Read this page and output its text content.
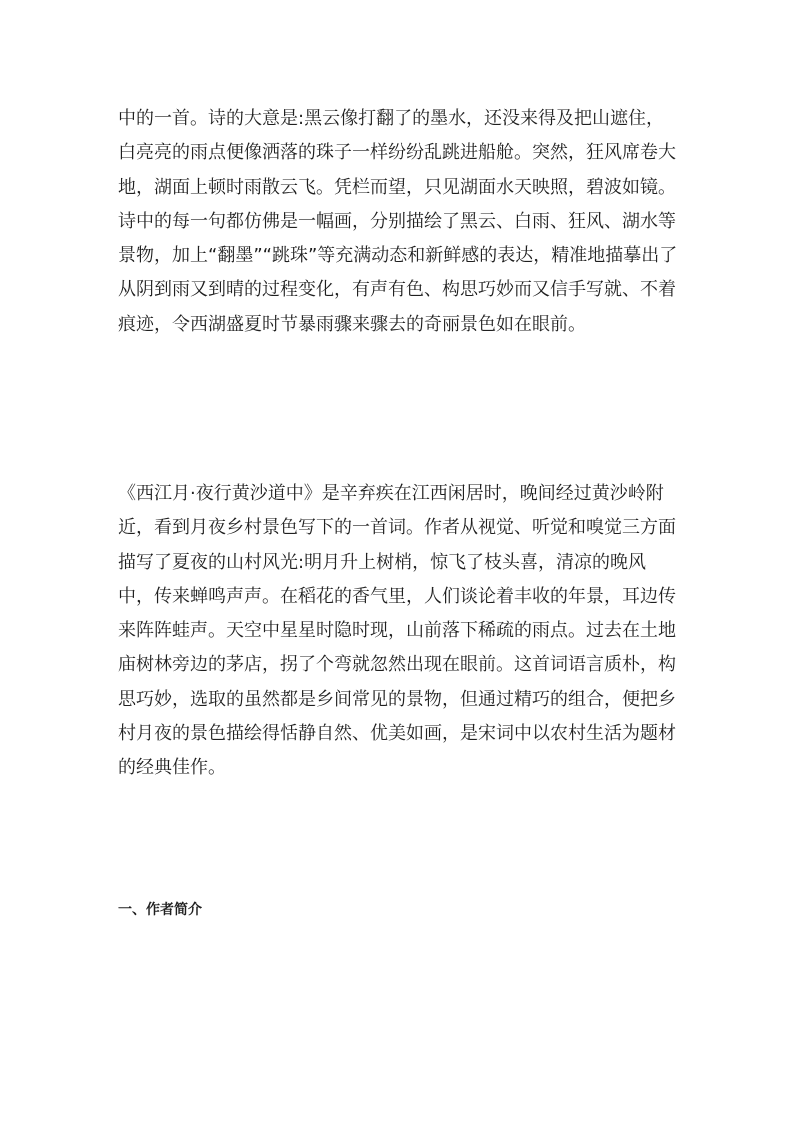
中的一首。诗的大意是:黑云像打翻了的墨水，还没来得及把山遮住，白亮亮的雨点便像洒落的珠子一样纷纷乱跳进船舱。突然，狂风席卷大地，湖面上顿时雨散云飞。凭栏而望，只见湖面水天映照，碧波如镜。诗中的每一句都仿佛是一幅画，分别描绘了黑云、白雨、狂风、湖水等景物，加上“翻墨”“跳珠”等充满动态和新鲜感的表达，精准地描摹出了从阴到雨又到晴的过程变化，有声有色、构思巧妙而又信手写就、不着痕迹，令西湖盛夏时节暴雨骤来骤去的奇丽景色如在眼前。

《西江月·夜行黄沙道中》是辛弃疾在江西闲居时，晚间经过黄沙岭附近，看到月夜乡村景色写下的一首词。作者从视觉、听觉和嗅觉三方面描写了夏夜的山村风光:明月升上树梢，惊飞了枝头喜，清凉的晚风中，传来蝉鸣声声。在稻花的香气里，人们谈论着丰收的年景，耳边传来阵阵蛙声。天空中星星时隐时现，山前落下稀疏的雨点。过去在土地庙树林旁边的茅店，拐了个弯就忽然出现在眼前。这首词语言质朴，构思巧妙，选取的虽然都是乡间常见的景物，但通过精巧的组合，便把乡村月夜的景色描绘得恬静自然、优美如画，是宋词中以农村生活为题材的经典佳作。

一、作者简介
